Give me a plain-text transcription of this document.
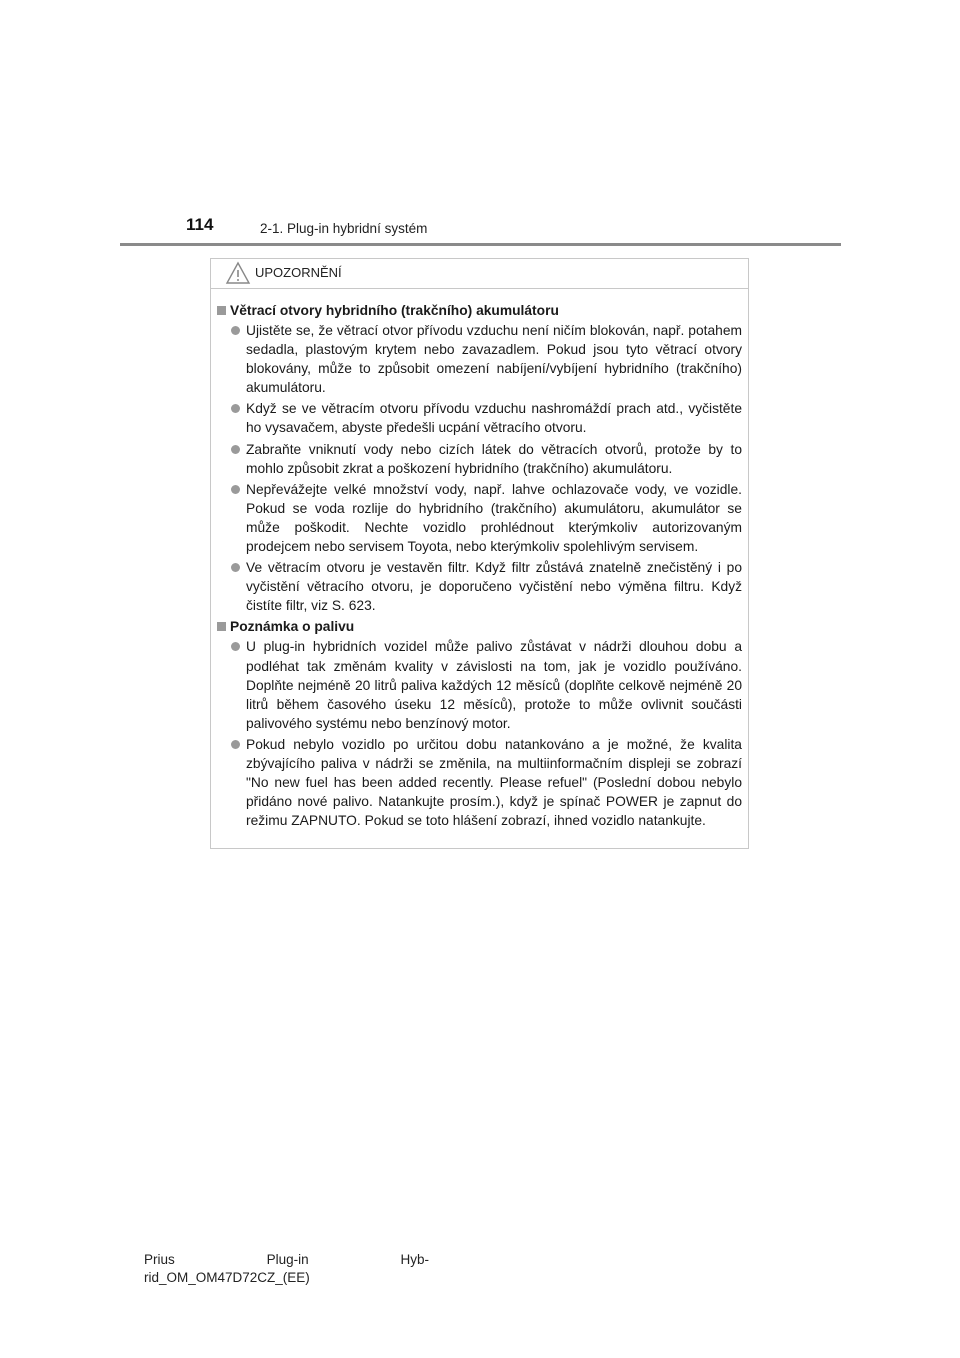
114	2-1. Plug-in hybridní systém
UPOZORNĚNÍ
Větrací otvory hybridního (trakčního) akumulátoru
Ujistěte se, že větrací otvor přívodu vzduchu není ničím blokován, např. potahem sedadla, plastovým krytem nebo zavazadlem. Pokud jsou tyto větrací otvory blokovány, může to způsobit omezení nabíjení/vybíjení hybridního (trakčního) akumulátoru.
Když se ve větracím otvoru přívodu vzduchu nashromáždí prach atd., vyčistěte ho vysavačem, abyste předešli ucpání větracího otvoru.
Zabraňte vniknutí vody nebo cizích látek do větracích otvorů, protože by to mohlo způsobit zkrat a poškození hybridního (trakčního) akumulátoru.
Nepřevážejte velké množství vody, např. lahve ochlazovače vody, ve vozidle. Pokud se voda rozlije do hybridního (trakčního) akumulátoru, akumulátor se může poškodit. Nechte vozidlo prohlédnout kterýmkoliv autorizovaným prodejcem nebo servisem Toyota, nebo kterýmkoliv spolehlivým servisem.
Ve větracím otvoru je vestavěn filtr. Když filtr zůstává znatelně znečistěný i po vyčistění větracího otvoru, je doporučeno vyčistění nebo výměna filtru. Když čistíte filtr, viz S. 623.
Poznámka o palivu
U plug-in hybridních vozidel může palivo zůstávat v nádrži dlouhou dobu a podléhat tak změnám kvality v závislosti na tom, jak je vozidlo používáno. Doplňte nejméně 20 litrů paliva každých 12 měsíců (doplňte celkově nejméně 20 litrů během časového úseku 12 měsíců), protože to může ovlivnit součásti palivového systému nebo benzínový motor.
Pokud nebylo vozidlo po určitou dobu natankováno a je možné, že kvalita zbývajícího paliva v nádrži se změnila, na multiinformačním displeji se zobrazí "No new fuel has been added recently. Please refuel" (Poslední dobou nebylo přidáno nové palivo. Natankujte prosím.), když je spínač POWER je zapnut do režimu ZAPNUTO. Pokud se toto hlášení zobrazí, ihned vozidlo natankujte.
Prius	Plug-in	Hyb-
rid_OM_OM47D72CZ_(EE)
